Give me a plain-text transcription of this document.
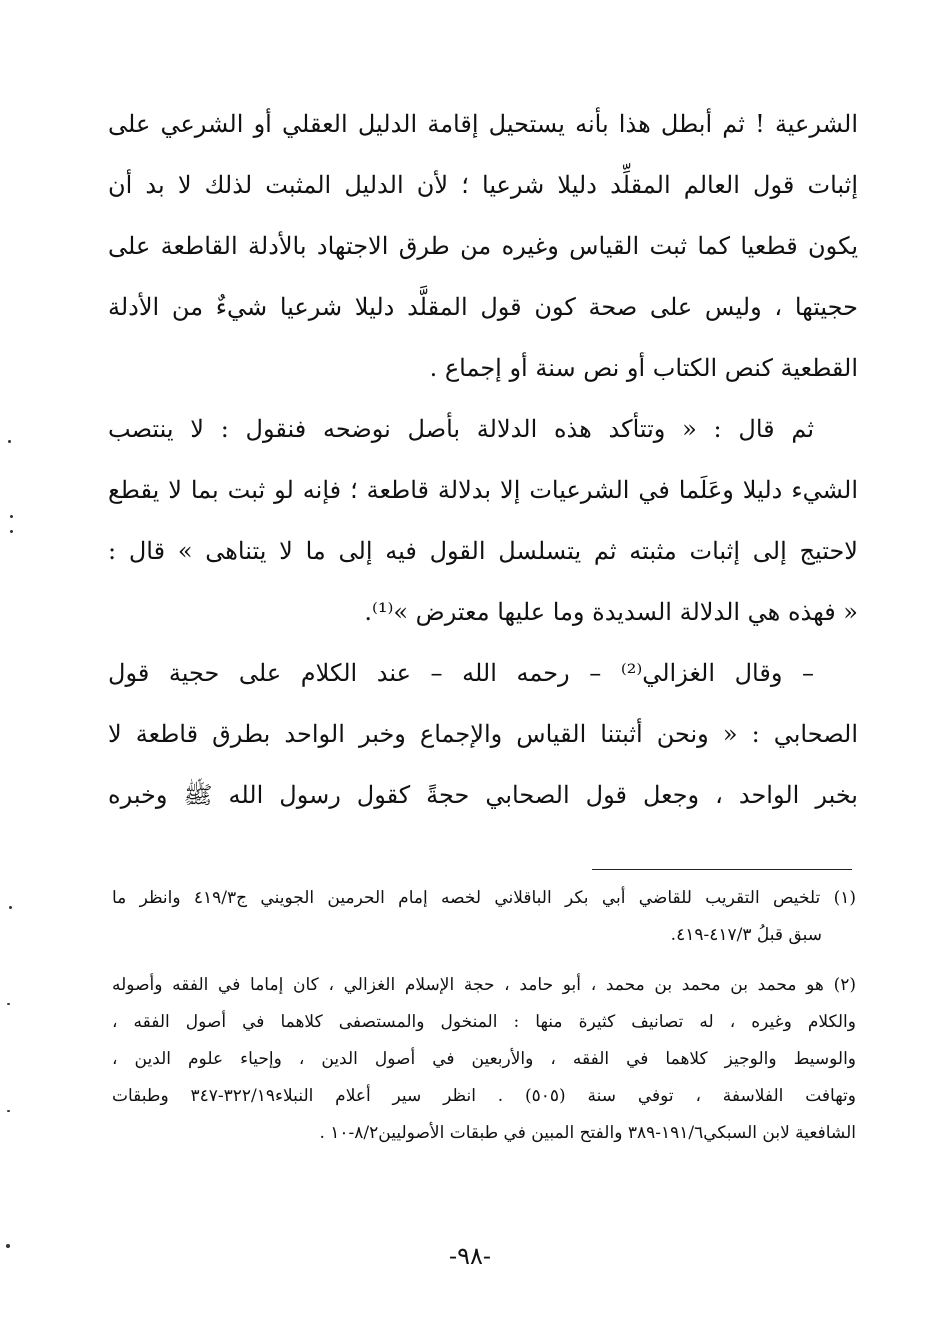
الشرعية ! ثم أبطل هذا بأنه يستحيل إقامة الدليل العقلي أو الشرعي على
إثبات قول العالم المقلِّد دليلا شرعيا ؛ لأن الدليل المثبت لذلك لا بد أن
يكون قطعيا كما ثبت القياس وغيره من طرق الاجتهاد بالأدلة القاطعة على
حجيتها ، وليس على صحة كون قول المقلَّد دليلا شرعيا شيءٌ من الأدلة
القطعية كنص الكتاب أو نص سنة أو إجماع .
ثم قال : « وتتأكد هذه الدلالة بأصل نوضحه فنقول : لا ينتصب
الشيء دليلا وعَلَما في الشرعيات إلا بدلالة قاطعة ؛ فإنه لو ثبت بما لا يقطع
لاحتيج إلى إثبات مثبته ثم يتسلسل القول فيه إلى ما لا يتناهى » قال :
« فهذه هي الدلالة السديدة وما عليها معترض »⁽¹⁾.
– وقال الغزالي⁽²⁾ – رحمه الله – عند الكلام على حجية قول
الصحابي : « ونحن أثبتنا القياس والإجماع وخبر الواحد بطرق قاطعة لا
بخبر الواحد ، وجعل قول الصحابي حجةً كقول رسول الله ﷺ وخبره
(١) تلخيص التقريب للقاضي أبي بكر الباقلاني لخصه إمام الحرمين الجويني ج٤١٩/٣ وانظر ما
سبق قبلُ ٤١٧/٣-٤١٩.
(٢) هو محمد بن محمد بن محمد ، أبو حامد ، حجة الإسلام الغزالي ، كان إماما في الفقه وأصوله
والكلام وغيره ، له تصانيف كثيرة منها : المنخول والمستصفى كلاهما في أصول الفقه ،
والوسيط والوجيز كلاهما في الفقه ، والأربعين في أصول الدين ، وإحياء علوم الدين ،
وتهافت الفلاسفة ، توفي سنة (٥٠٥) . انظر سير أعلام النبلاء٣٢٢/١٩-٣٤٧ وطبقات
الشافعية لابن السبكي١٩١/٦-٣٨٩ والفتح المبين في طبقات الأصوليين٨/٢-١٠ .
-٩٨-
